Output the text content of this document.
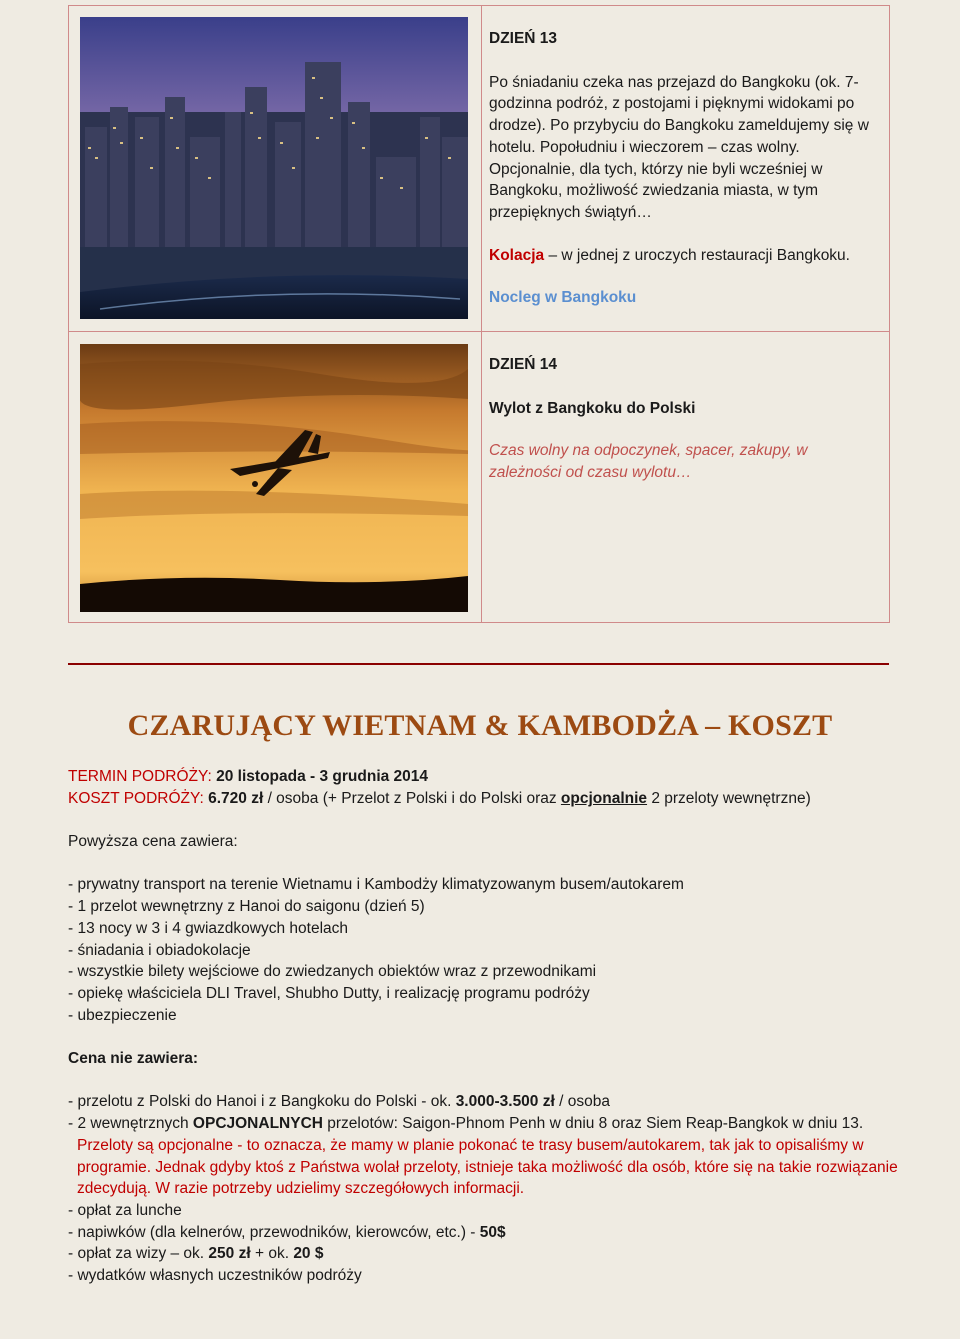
DZIEŃ 13

Po śniadaniu czeka nas przejazd do Bangkoku (ok. 7-godzinna podróż, z postojami i pięknymi widokami po drodze). Po przybyciu do Bangkoku zameldujemy się w hotelu. Popołudniu i wieczorem – czas wolny. Opcjonalnie, dla tych, którzy nie byli wcześniej w Bangkoku, możliwość zwiedzania miasta, w tym przepięknych świątyń…

Kolacja – w jednej z uroczych restauracji Bangkoku.

Nocleg w Bangkoku

DZIEŃ 14

Wylot z Bangkoku do Polski

Czas wolny na odpoczynek, spacer, zakupy, w zależności od czasu wylotu…

CZARUJĄCY WIETNAM & KAMBODŻA – KOSZT

TERMIN PODRÓŻY: 20 listopada - 3 grudnia 2014

KOSZT PODRÓŻY: 6.720 zł / osoba (+ Przelot z Polski i do Polski oraz opcjonalnie 2 przeloty wewnętrzne)

Powyższa cena zawiera:

- prywatny transport na terenie Wietnamu i Kambodży klimatyzowanym busem/autokarem

- 1 przelot wewnętrzny z Hanoi do saigonu (dzień 5)

- 13 nocy w 3 i 4 gwiazdkowych hotelach

- śniadania i obiadokolacje

- wszystkie bilety wejściowe do zwiedzanych obiektów wraz z przewodnikami

- opiekę właściciela DLI Travel, Shubho Dutty, i realizację programu podróży

- ubezpieczenie

Cena nie zawiera:

- przelotu z Polski do Hanoi i z Bangkoku do Polski - ok. 3.000-3.500 zł / osoba

- 2 wewnętrznych OPCJONALNYCH przelotów: Saigon-Phnom Penh w dniu 8 oraz Siem Reap-Bangkok w dniu 13.

Przeloty są opcjonalne - to oznacza, że mamy w planie pokonać te trasy busem/autokarem, tak jak to opisaliśmy w programie. Jednak gdyby ktoś z Państwa wolał przeloty, istnieje taka możliwość dla osób, które się na takie rozwiązanie zdecydują. W razie potrzeby udzielimy szczegółowych informacji.

- opłat za lunche

- napiwków (dla kelnerów, przewodników, kierowców, etc.) - 50$

- opłat za wizy – ok. 250 zł + ok. 20 $

- wydatków własnych uczestników podróży
